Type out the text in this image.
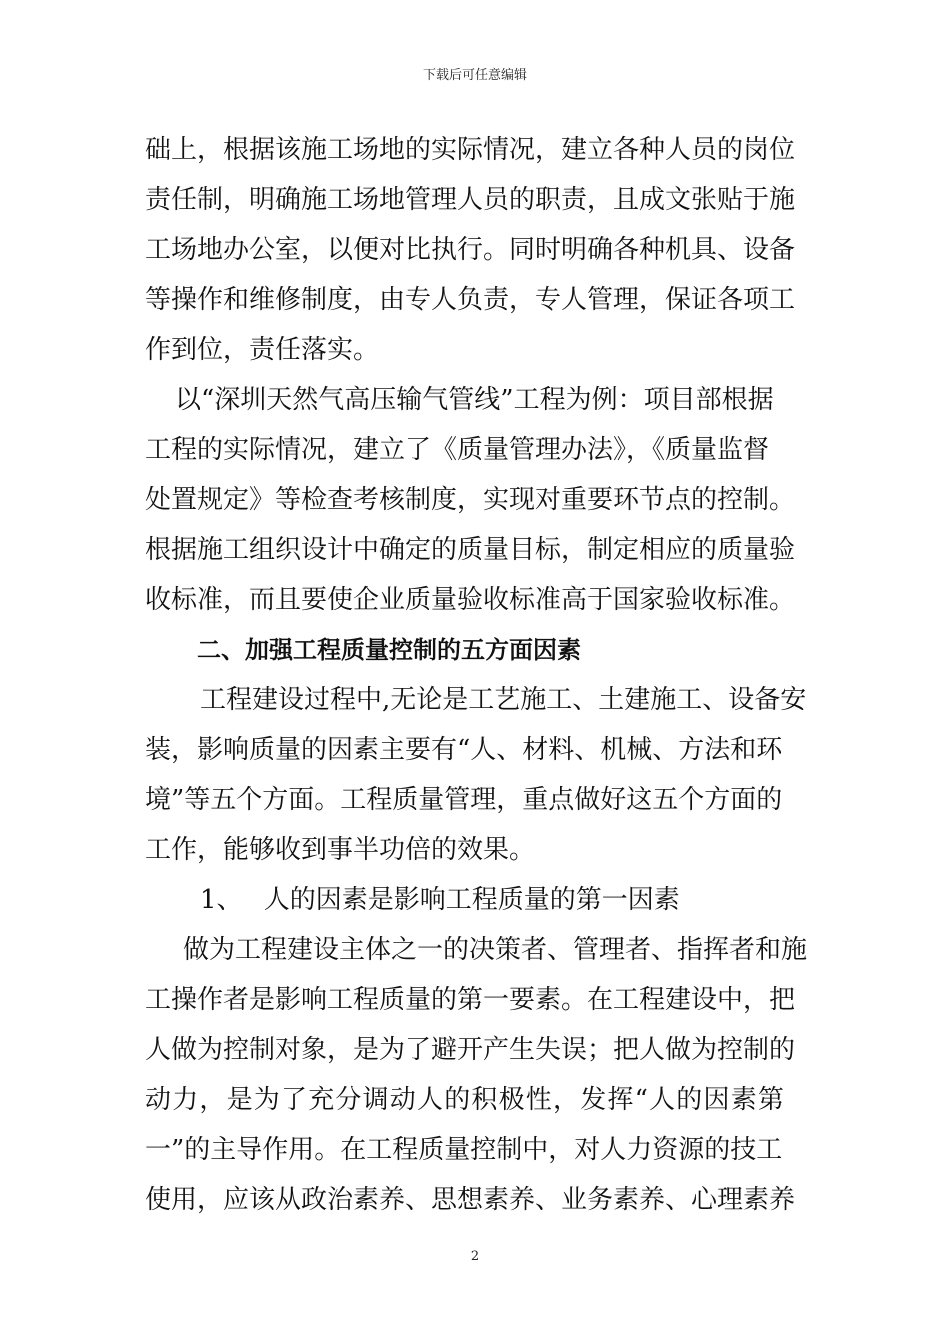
下载后可任意编辑
础上，根据该施工场地的实际情况，建立各种人员的岗位
责任制，明确施工场地管理人员的职责，且成文张贴于施
工场地办公室，以便对比执行。同时明确各种机具、设备
等操作和维修制度，由专人负责，专人管理，保证各项工
作到位，责任落实。
以“深圳天然气高压输气管线”工程为例：项目部根据
工程的实际情况，建立了《质量管理办法》，《质量监督
处置规定》等检查考核制度，实现对重要环节点的控制。
根据施工组织设计中确定的质量目标，制定相应的质量验
收标准，而且要使企业质量验收标准高于国家验收标准。
二、加强工程质量控制的五方面因素
工程建设过程中,无论是工艺施工、土建施工、设备安
装，影响质量的因素主要有“人、材料、机械、方法和环
境”等五个方面。工程质量管理，重点做好这五个方面的
工作，能够收到事半功倍的效果。
1、　 人的因素是影响工程质量的第一因素
做为工程建设主体之一的决策者、管理者、指挥者和施
工操作者是影响工程质量的第一要素。在工程建设中，把
人做为控制对象，是为了避开产生失误；把人做为控制的
动力，是为了充分调动人的积极性，发挥“人的因素第
一”的主导作用。在工程质量控制中，对人力资源的技工
使用，应该从政治素养、思想素养、业务素养、心理素养
2
